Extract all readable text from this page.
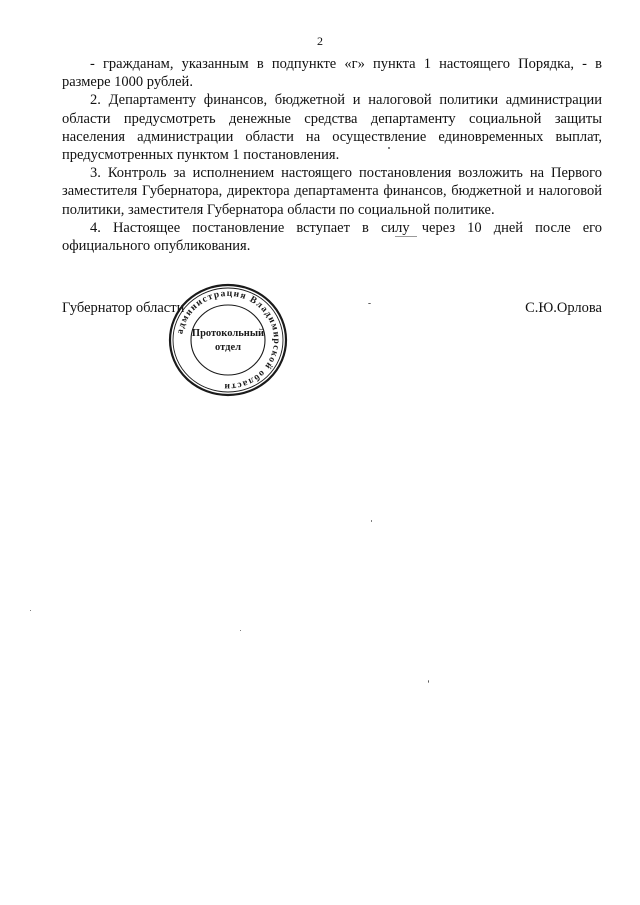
2

- гражданам, указанным в подпункте «г» пункта 1 настоящего Порядка, - в размере 1000 рублей.

2. Департаменту финансов, бюджетной и налоговой политики администрации области предусмотреть денежные средства департаменту социальной защиты населения администрации области на осуществление единовременных выплат, предусмотренных пунктом 1 постановления.

3. Контроль за исполнением настоящего постановления возложить на Первого заместителя Губернатора, директора департамента финансов, бюджетной и налоговой политики, заместителя Губернатора области по социальной политике.

4. Настоящее постановление вступает в силу через 10 дней после его официального опубликования.

Губернатор области	С.Ю.Орлова
администрация Владимирской области
Протокольный
отдел
